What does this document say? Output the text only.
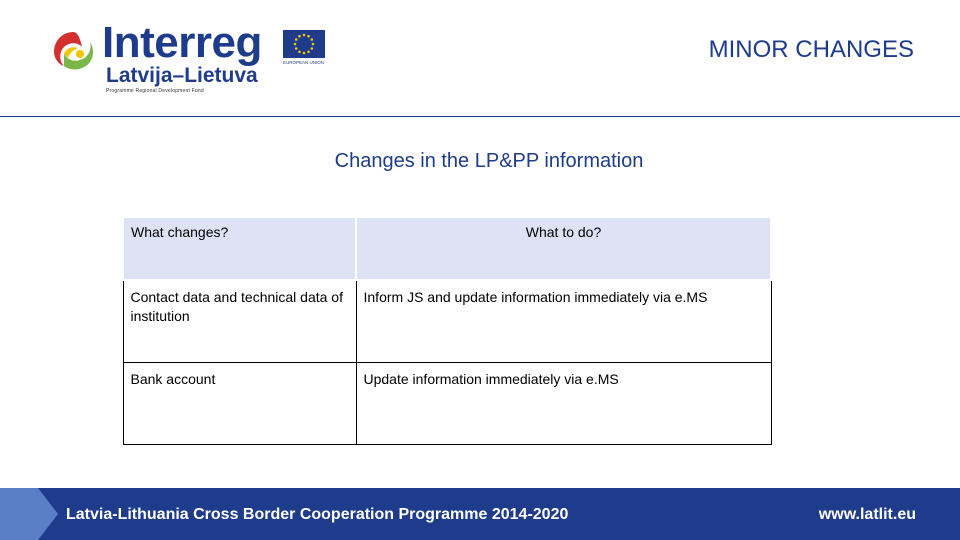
Interreg
Latvija–Lietuva
Programme Regional Development Fund
EUROPEAN UNION	MINOR CHANGES
Changes in the LP&PP information
What changes?	What to do?
Contact data and technical data of institution	Inform JS and update information immediately via e.MS
Bank account	Update information immediately via e.MS
Latvia-Lithuania Cross Border Cooperation Programme 2014-2020	www.latlit.eu
